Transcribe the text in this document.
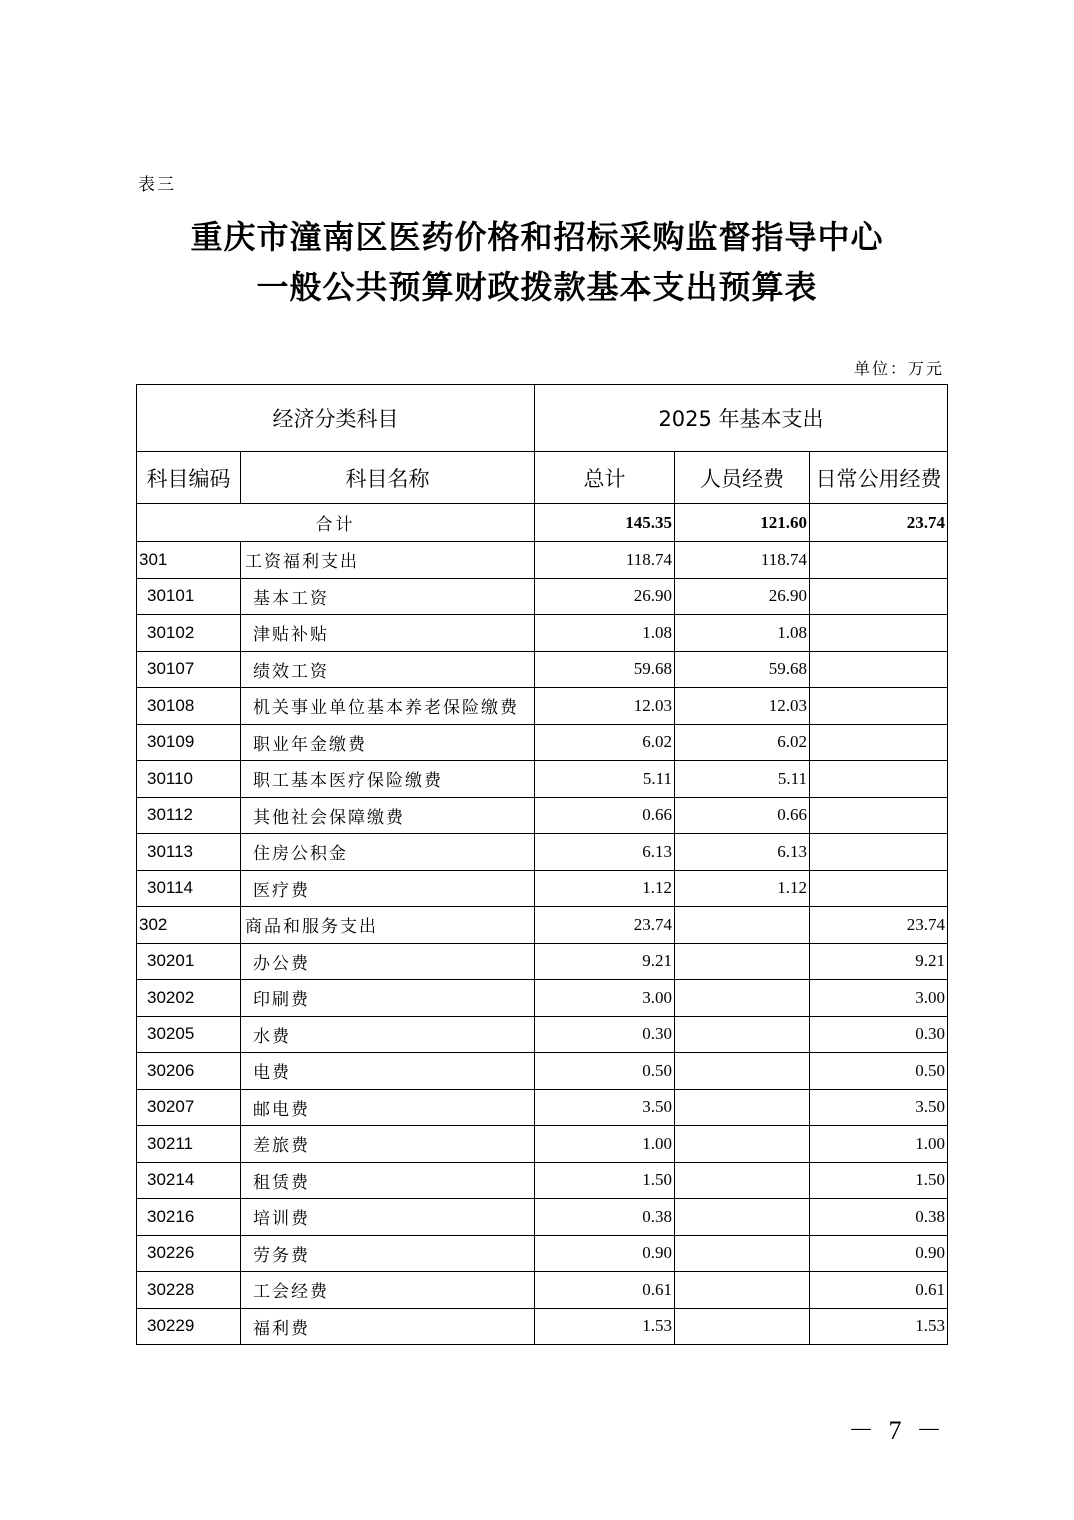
表三
重庆市潼南区医药价格和招标采购监督指导中心
一般公共预算财政拨款基本支出预算表
单位：万元
经济分类科目		2025 年基本支出		
科目编码	科目名称	总计	人员经费	日常公用经费
合计		145.35	121.60	23.74
301	工资福利支出	118.74	118.74	
30101	基本工资	26.90	26.90	
30102	津贴补贴	1.08	1.08	
30107	绩效工资	59.68	59.68	
30108	机关事业单位基本养老保险缴费	12.03	12.03	
30109	职业年金缴费	6.02	6.02	
30110	职工基本医疗保险缴费	5.11	5.11	
30112	其他社会保障缴费	0.66	0.66	
30113	住房公积金	6.13	6.13	
30114	医疗费	1.12	1.12	
302	商品和服务支出	23.74		23.74
30201	办公费	9.21		9.21
30202	印刷费	3.00		3.00
30205	水费	0.30		0.30
30206	电费	0.50		0.50
30207	邮电费	3.50		3.50
30211	差旅费	1.00		1.00
30214	租赁费	1.50		1.50
30216	培训费	0.38		0.38
30226	劳务费	0.90		0.90
30228	工会经费	0.61		0.61
30229	福利费	1.53		1.53
－ 7 －
